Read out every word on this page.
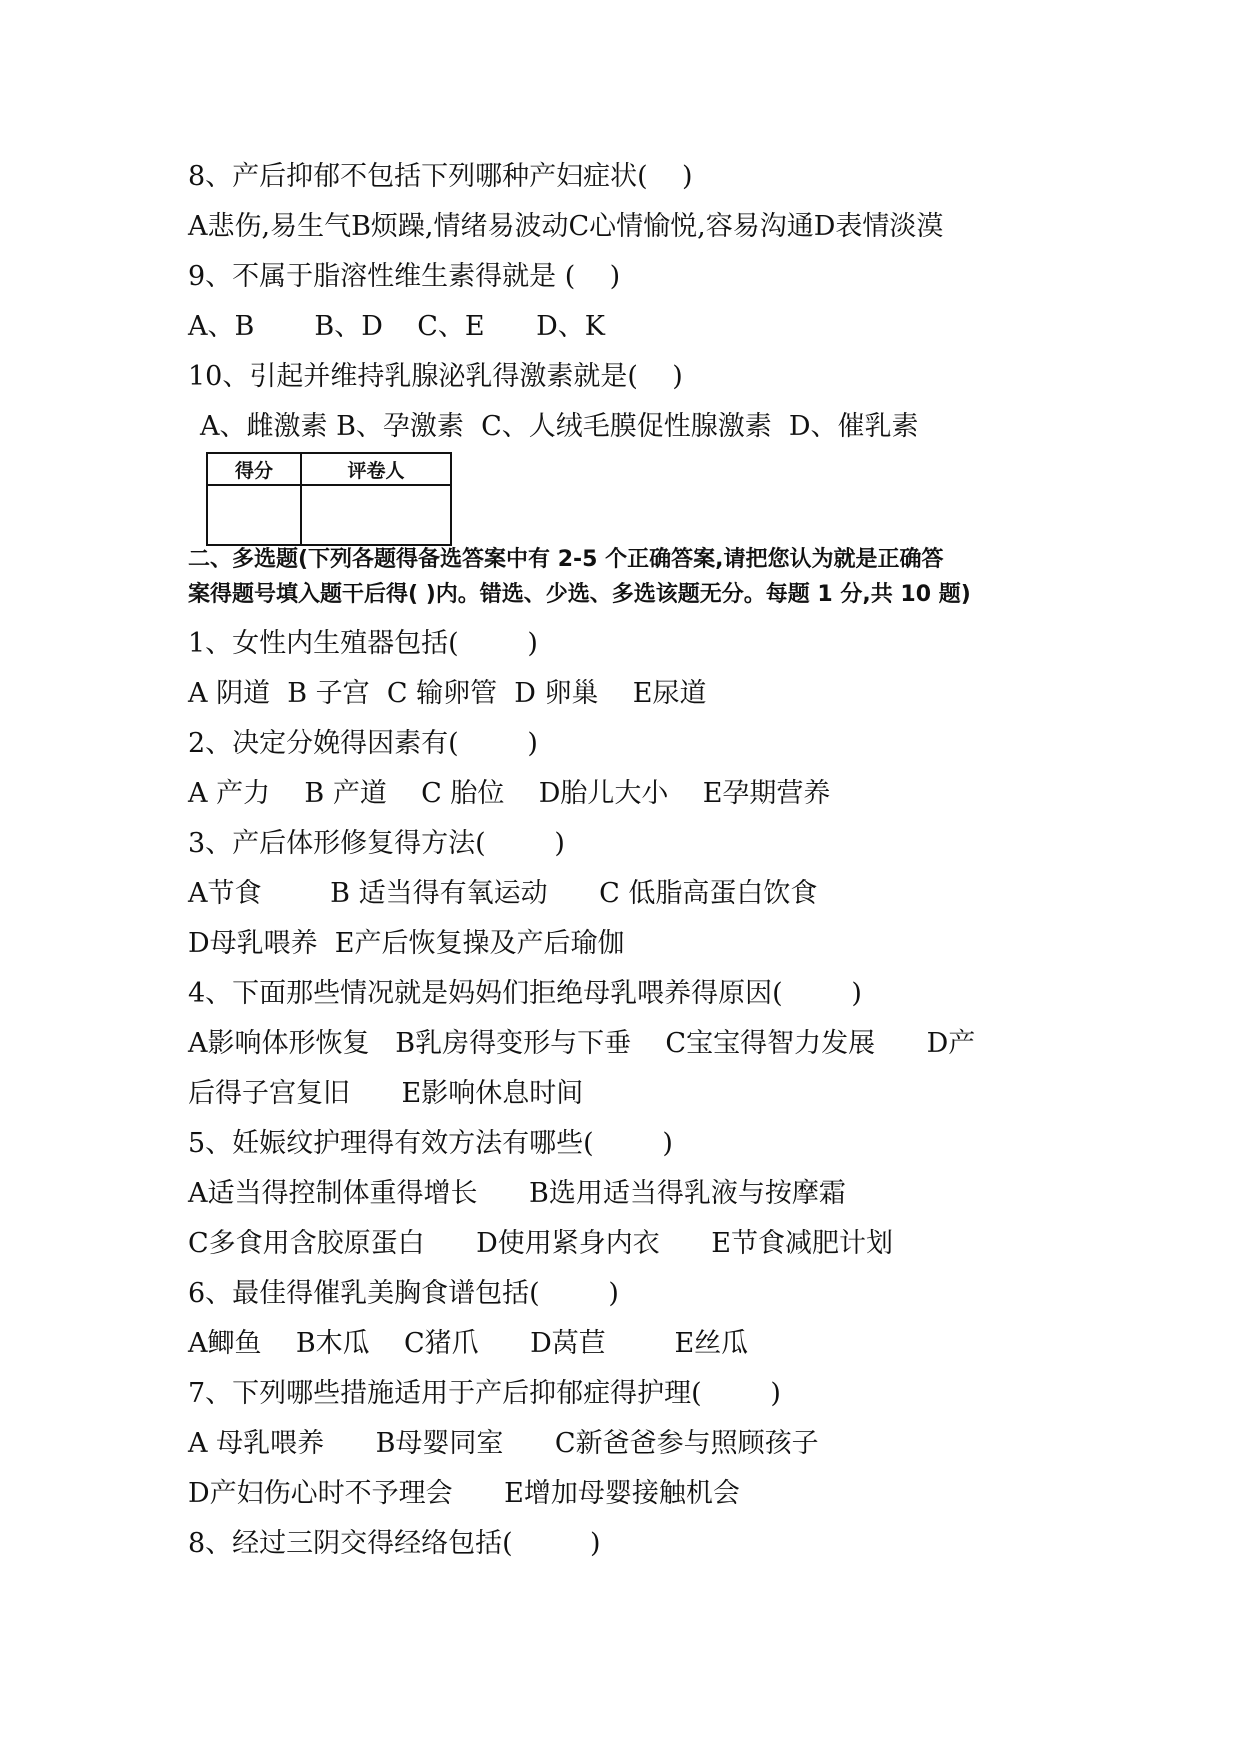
8、产后抑郁不包括下列哪种产妇症状(    )
A悲伤,易生气B烦躁,情绪易波动C心情愉悦,容易沟通D表情淡漠
9、不属于脂溶性维生素得就是 (    )
A、B       B、D    C、E      D、K
10、引起并维持乳腺泌乳得激素就是(    )
A、雌激素 B、孕激素  C、人绒毛膜促性腺激素  D、催乳素
得分	评卷人

二、多选题(下列各题得备选答案中有 2-5 个正确答案,请把您认为就是正确答
案得题号填入题干后得( )内。错选、少选、多选该题无分。每题 1 分,共 10 题)
1、女性内生殖器包括(        )
A 阴道  B 子宫  C 输卵管  D 卵巢    E尿道
2、决定分娩得因素有(        )
A 产力    B 产道    C 胎位    D胎儿大小    E孕期营养
3、产后体形修复得方法(        )
A节食        B 适当得有氧运动      C 低脂高蛋白饮食
D母乳喂养  E产后恢复操及产后瑜伽
4、下面那些情况就是妈妈们拒绝母乳喂养得原因(        )
A影响体形恢复   B乳房得变形与下垂    C宝宝得智力发展      D产
后得子宫复旧      E影响休息时间
5、妊娠纹护理得有效方法有哪些(        )
A适当得控制体重得增长      B选用适当得乳液与按摩霜
C多食用含胶原蛋白      D使用紧身内衣      E节食减肥计划
6、最佳得催乳美胸食谱包括(        )
A鲫鱼    B木瓜    C猪爪      D莴苣        E丝瓜
7、下列哪些措施适用于产后抑郁症得护理(        )
A 母乳喂养      B母婴同室      C新爸爸参与照顾孩子
D产妇伤心时不予理会      E增加母婴接触机会
8、经过三阴交得经络包括(         )
